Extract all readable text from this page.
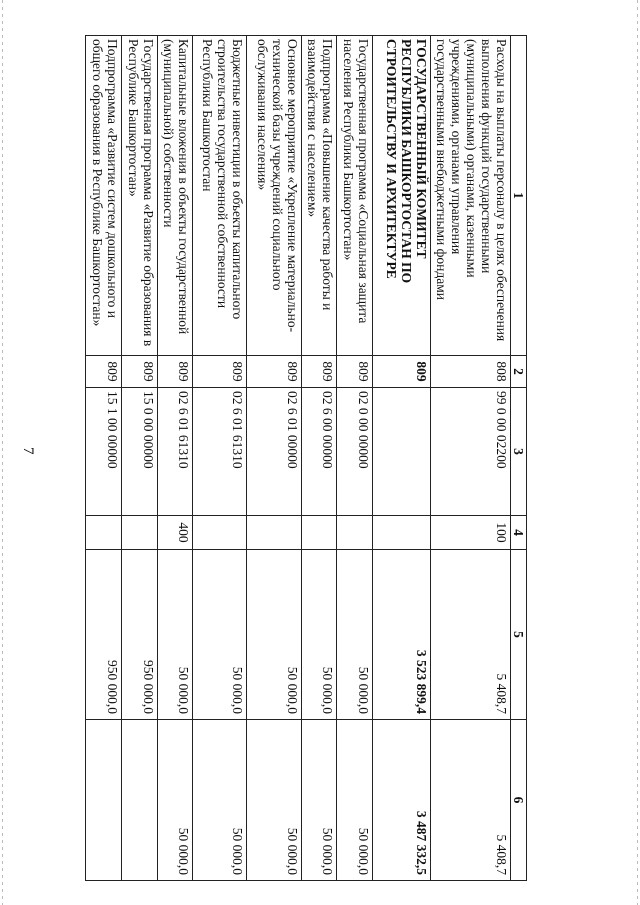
7
1	2	3	4	5	6
Расходы на выплаты персоналу в целях обеспечения выполнения функций государственными (муниципальными) органами, казенными учреждениями, органами управления государственными внебюджетными фондами	808	99 0 00 02200	100	5 408,7	5 408,7
ГОСУДАРСТВЕННЫЙ КОМИТЕТ РЕСПУБЛИКИ БАШКОРТОСТАН ПО СТРОИТЕЛЬСТВУ И АРХИТЕКТУРЕ	809			3 523 899,4	3 487 332,5
Государственная программа «Социальная защита населения Республики Башкортостан»	809	02 0 00 00000		50 000,0	50 000,0
Подпрограмма «Повышение качества работы и взаимодействия с населением»	809	02 6 00 00000		50 000,0	50 000,0
Основное мероприятие «Укрепление материально-технической базы учреждений социального обслуживания населения»	809	02 6 01 00000		50 000,0	50 000,0
Бюджетные инвестиции в объекты капитального строительства государственной собственности Республики Башкортостан	809	02 6 01 61310		50 000,0	50 000,0
Капитальные вложения в объекты государственной (муниципальной) собственности	809	02 6 01 61310	400	50 000,0	50 000,0
Государственная программа «Развитие образования в Республике Башкортостан»	809	15 0 00 00000		950 000,0	
Подпрограмма «Развитие систем дошкольного и общего образования в Республике Башкортостан»	809	15 1 00 00000		950 000,0	
